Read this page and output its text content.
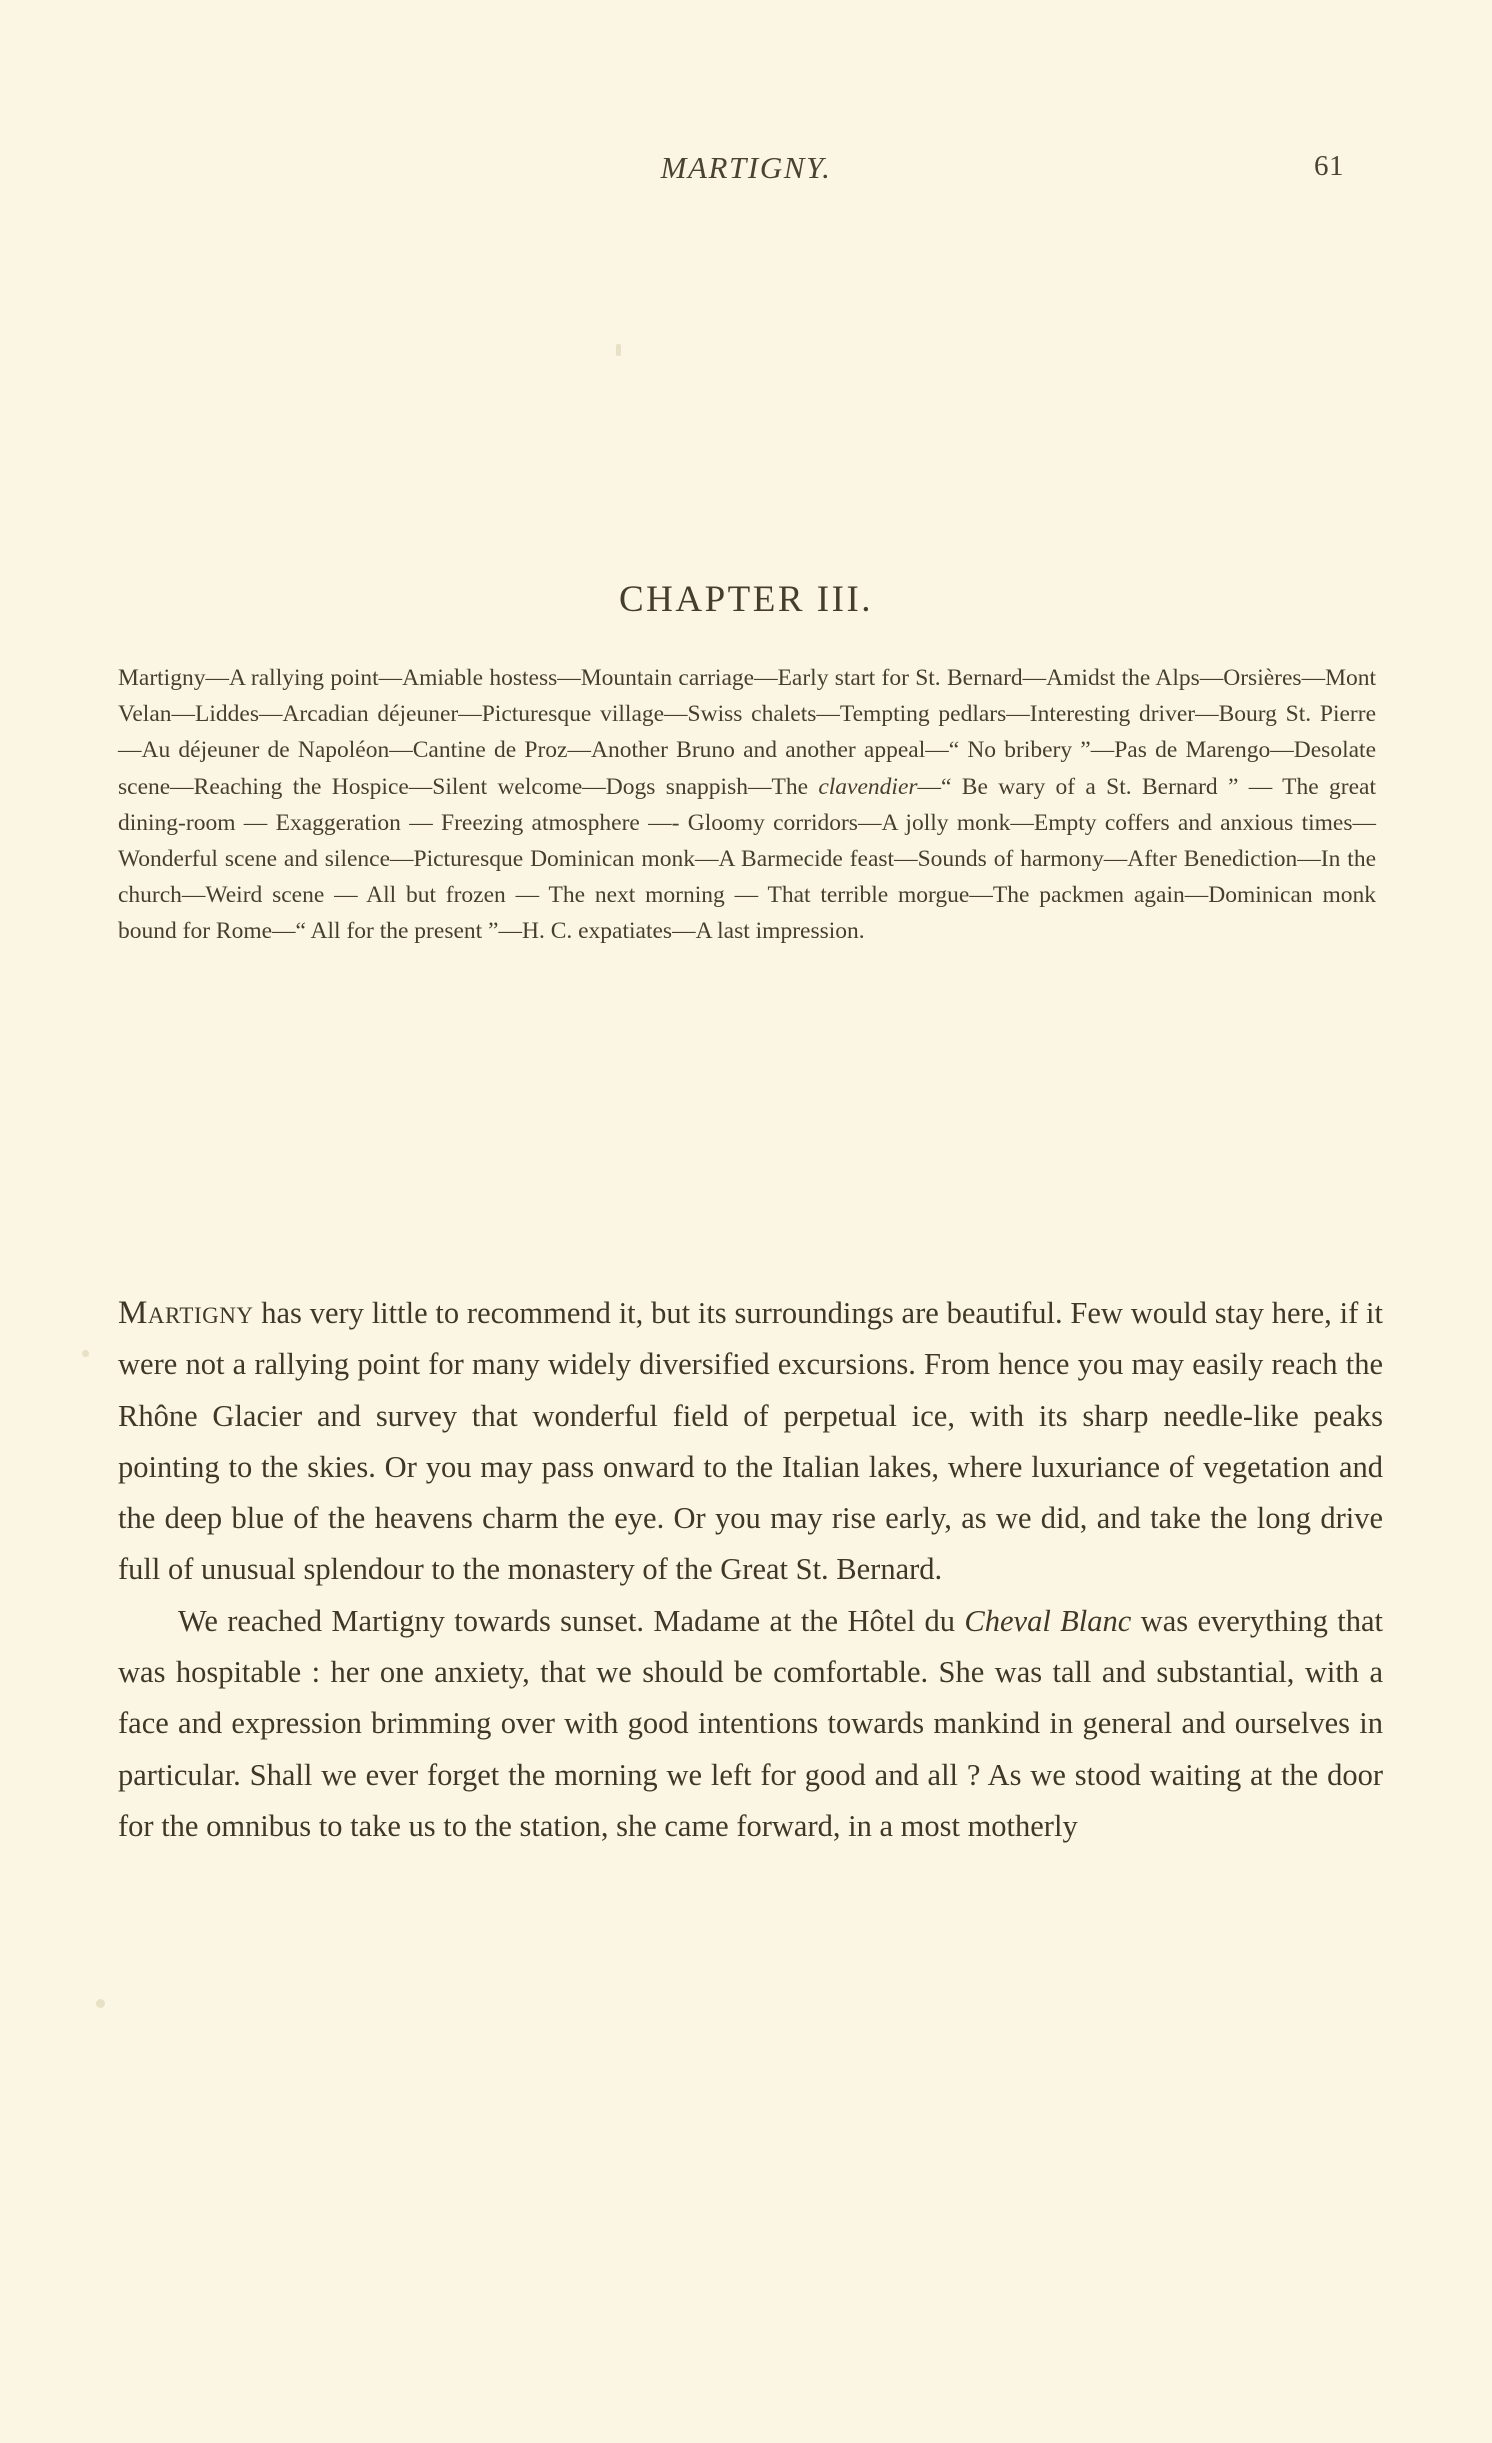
MARTIGNY.	61
CHAPTER III.

Martigny—A rallying point—Amiable hostess—Mountain carriage—Early start for St. Bernard—Amidst the Alps—Orsières—Mont Velan—Liddes—Arcadian déjeuner—Picturesque village—Swiss chalets—Tempting pedlars—Interesting driver—Bourg St. Pierre—Au déjeuner de Napoléon—Cantine de Proz—Another Bruno and another appeal—“ No bribery ”—Pas de Marengo—Desolate scene—Reaching the Hospice—Silent welcome—Dogs snappish—The clavendier—“ Be wary of a St. Bernard ” — The great dining-room — Exaggeration — Freezing atmosphere —- Gloomy corridors—A jolly monk—Empty coffers and anxious times—Wonderful scene and silence—Picturesque Dominican monk—A Barmecide feast—Sounds of harmony—After Benediction—In the church—Weird scene — All but frozen — The next morning — That terrible morgue—The packmen again—Dominican monk bound for Rome—“ All for the present ”—H. C. expatiates—A last impression.

Martigny has very little to recommend it, but its surroundings are beautiful. Few would stay here, if it were not a rallying point for many widely diversified excursions. From hence you may easily reach the Rhône Glacier and survey that wonderful field of perpetual ice, with its sharp needle-like peaks pointing to the skies. Or you may pass onward to the Italian lakes, where luxuriance of vegetation and the deep blue of the heavens charm the eye. Or you may rise early, as we did, and take the long drive full of unusual splendour to the monastery of the Great St. Bernard.

We reached Martigny towards sunset. Madame at the Hôtel du Cheval Blanc was everything that was hospitable : her one anxiety, that we should be comfortable. She was tall and substantial, with a face and expression brimming over with good intentions towards mankind in general and ourselves in particular. Shall we ever forget the morning we left for good and all ? As we stood waiting at the door for the omnibus to take us to the station, she came forward, in a most motherly
